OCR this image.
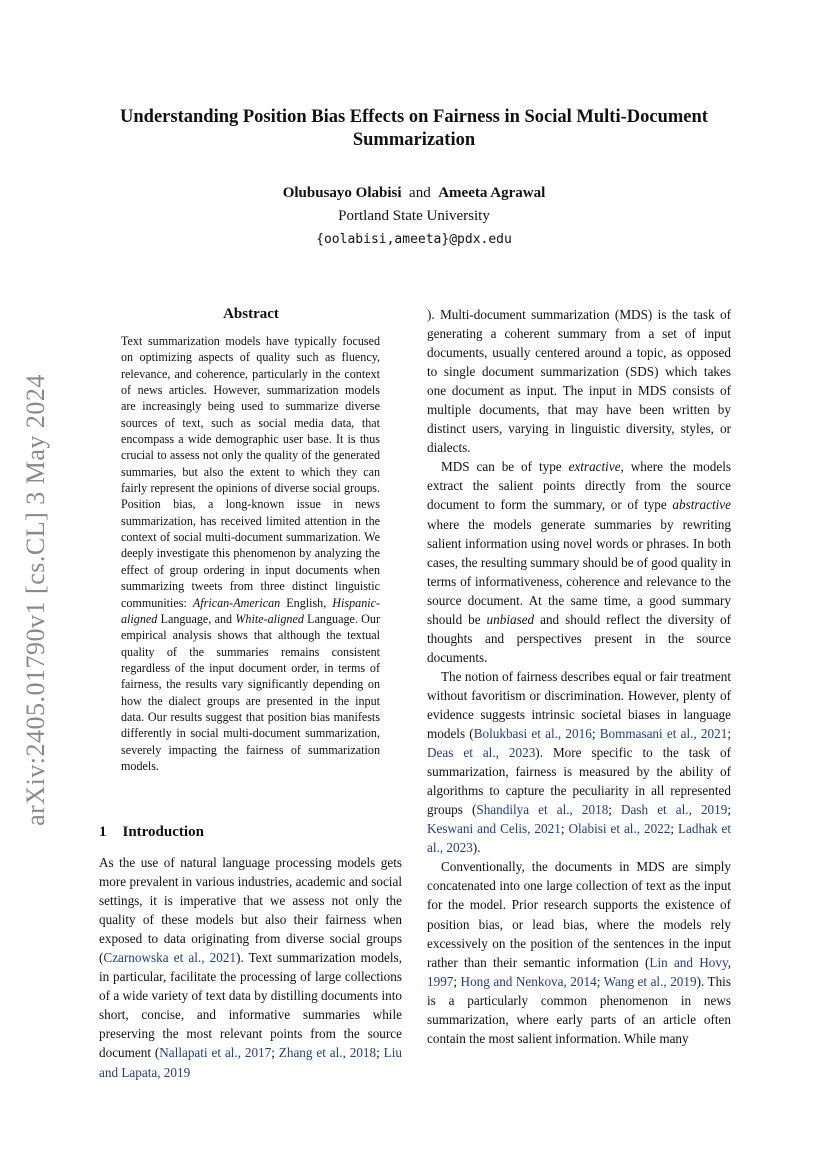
arXiv:2405.01790v1 [cs.CL] 3 May 2024
Understanding Position Bias Effects on Fairness in Social Multi-Document Summarization
Olubusayo Olabisi and Ameeta Agrawal
Portland State University
{oolabisi,ameeta}@pdx.edu
Abstract
Text summarization models have typically focused on optimizing aspects of quality such as fluency, relevance, and coherence, particularly in the context of news articles. However, summarization models are increasingly being used to summarize diverse sources of text, such as social media data, that encompass a wide demographic user base. It is thus crucial to assess not only the quality of the generated summaries, but also the extent to which they can fairly represent the opinions of diverse social groups. Position bias, a long-known issue in news summarization, has received limited attention in the context of social multi-document summarization. We deeply investigate this phenomenon by analyzing the effect of group ordering in input documents when summarizing tweets from three distinct linguistic communities: African-American English, Hispanic-aligned Language, and White-aligned Language. Our empirical analysis shows that although the textual quality of the summaries remains consistent regardless of the input document order, in terms of fairness, the results vary significantly depending on how the dialect groups are presented in the input data. Our results suggest that position bias manifests differently in social multi-document summarization, severely impacting the fairness of summarization models.
1 Introduction
As the use of natural language processing models gets more prevalent in various industries, academic and social settings, it is imperative that we assess not only the quality of these models but also their fairness when exposed to data originating from diverse social groups (Czarnowska et al., 2021). Text summarization models, in particular, facilitate the processing of large collections of a wide variety of text data by distilling documents into short, concise, and informative summaries while preserving the most relevant points from the source document (Nallapati et al., 2017; Zhang et al., 2018; Liu and Lapata, 2019

). Multi-document summarization (MDS) is the task of generating a coherent summary from a set of input documents, usually centered around a topic, as opposed to single document summarization (SDS) which takes one document as input. The input in MDS consists of multiple documents, that may have been written by distinct users, varying in linguistic diversity, styles, or dialects.

MDS can be of type extractive, where the models extract the salient points directly from the source document to form the summary, or of type abstractive where the models generate summaries by rewriting salient information using novel words or phrases. In both cases, the resulting summary should be of good quality in terms of informativeness, coherence and relevance to the source document. At the same time, a good summary should be unbiased and should reflect the diversity of thoughts and perspectives present in the source documents.

The notion of fairness describes equal or fair treatment without favoritism or discrimination. However, plenty of evidence suggests intrinsic societal biases in language models (Bolukbasi et al., 2016; Bommasani et al., 2021; Deas et al., 2023). More specific to the task of summarization, fairness is measured by the ability of algorithms to capture the peculiarity in all represented groups (Shandilya et al., 2018; Dash et al., 2019; Keswani and Celis, 2021; Olabisi et al., 2022; Ladhak et al., 2023).

Conventionally, the documents in MDS are simply concatenated into one large collection of text as the input for the model. Prior research supports the existence of position bias, or lead bias, where the models rely excessively on the position of the sentences in the input rather than their semantic information (Lin and Hovy, 1997; Hong and Nenkova, 2014; Wang et al., 2019). This is a particularly common phenomenon in news summarization, where early parts of an article often contain the most salient information. While many
